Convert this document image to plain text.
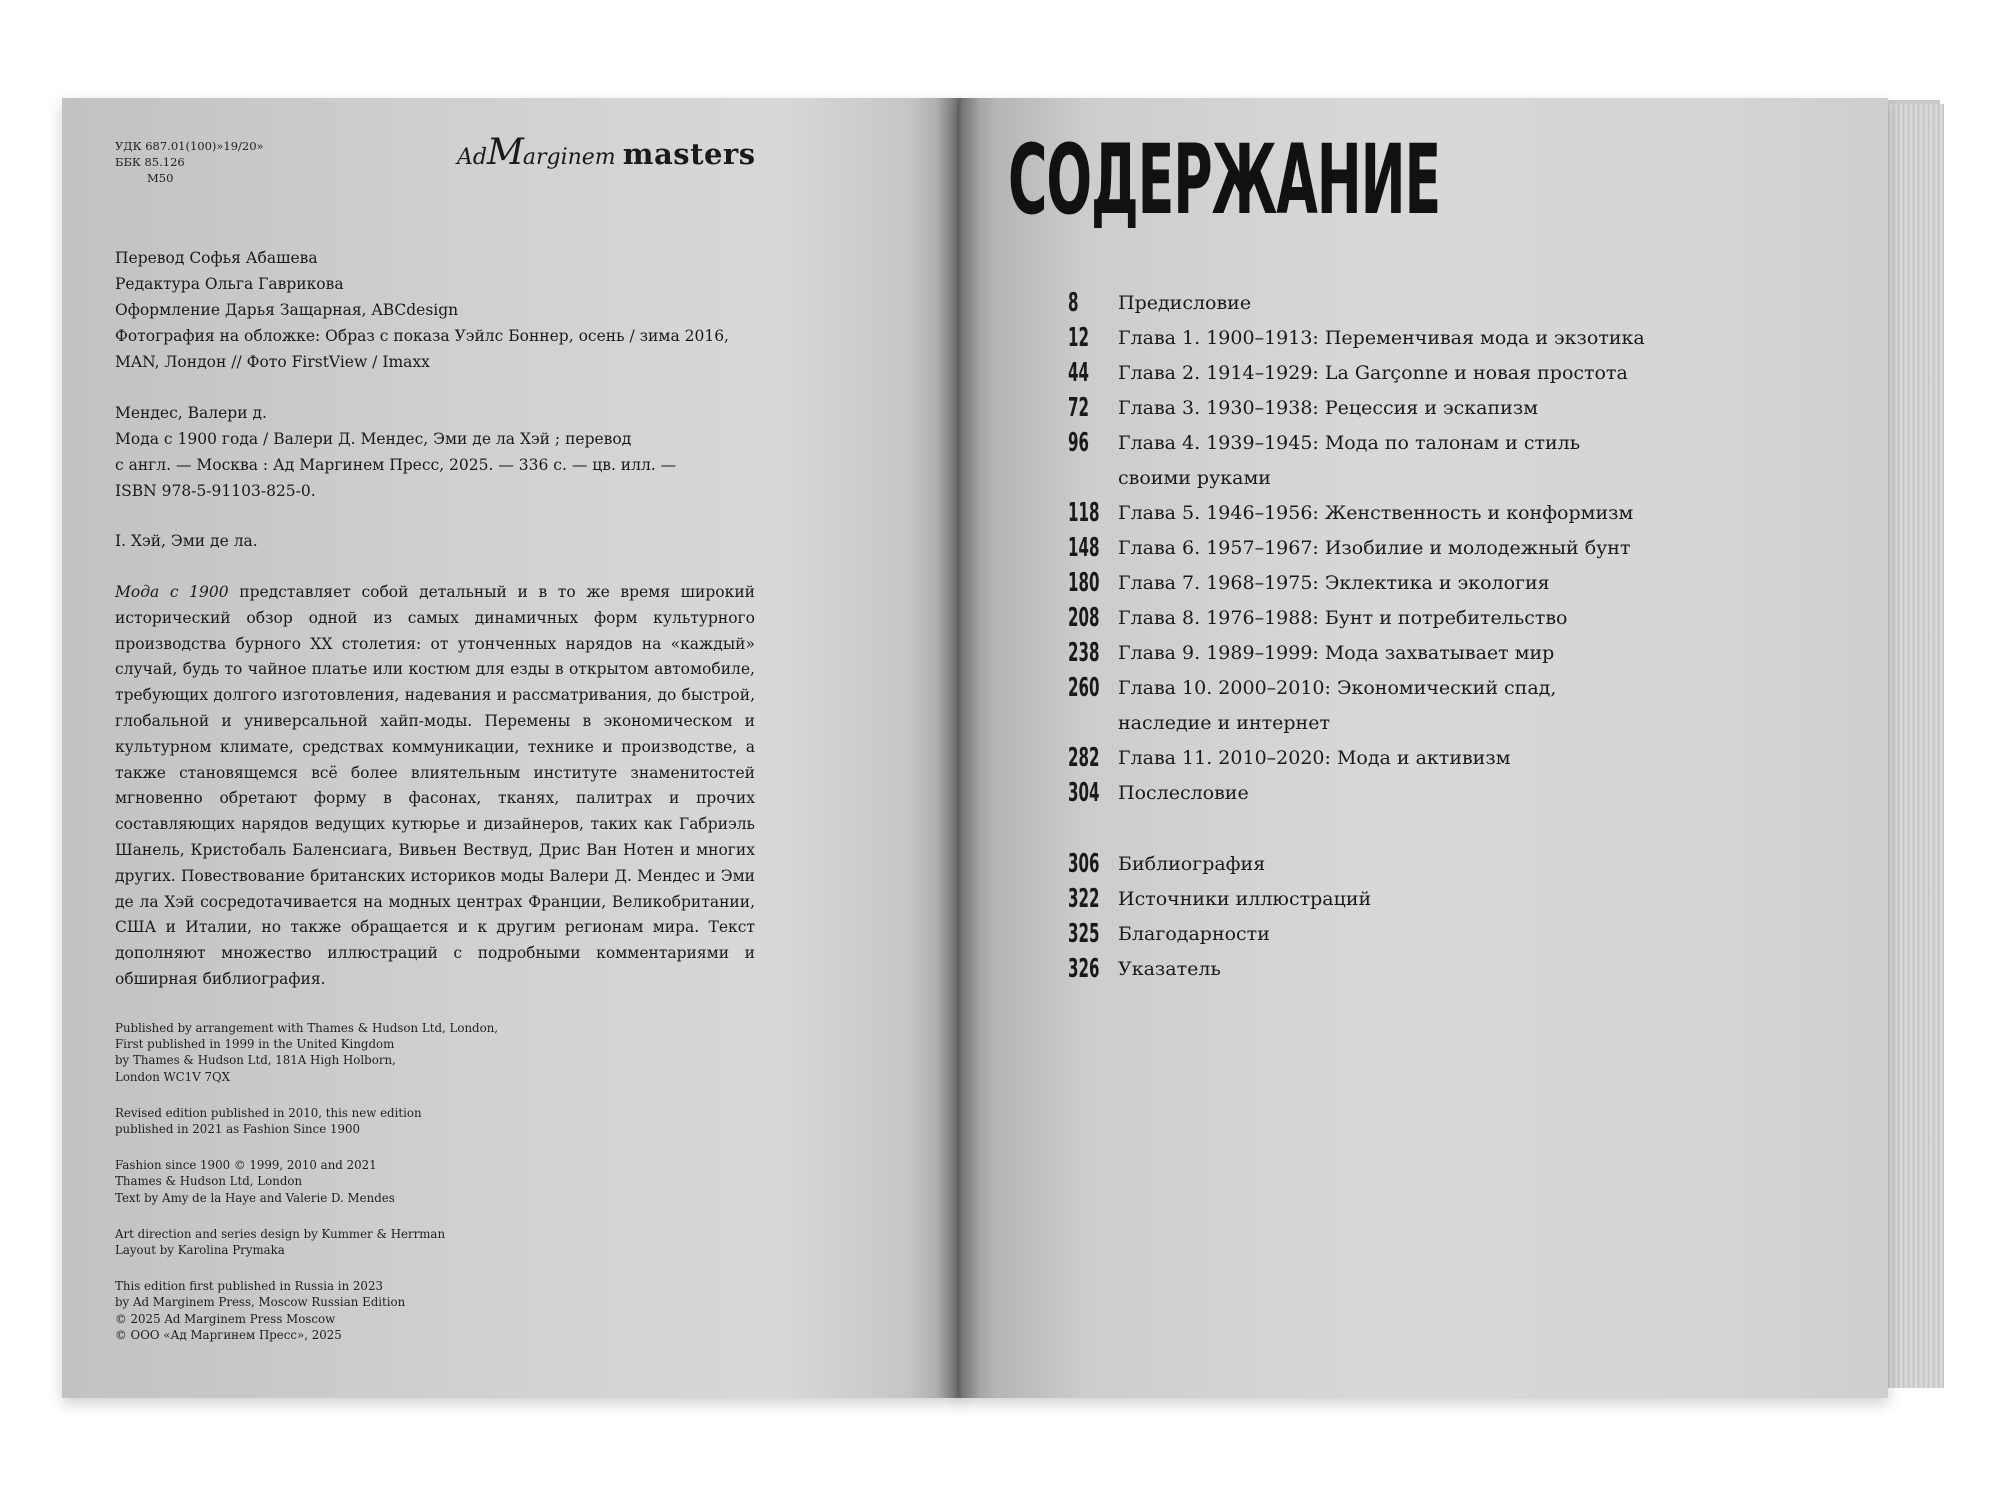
УДК 687.01(100)»19/20»
ББК 85.126
М50
AdMarginem masters
Перевод Софья Абашева
Редактура Ольга Гаврикова
Оформление Дарья Защарная, ABCdesign
Фотография на обложке: Образ с показа Уэйлс Боннер, осень / зима 2016, MAN, Лондон // Фото FirstView / Imaxx
Мендес, Валери д.
Мода с 1900 года / Валери Д. Мендес, Эми де ла Хэй ; перевод
с англ. — Москва : Ад Маргинем Пресс, 2025. — 336 с. — цв. илл. —
ISBN 978-5-91103-825-0.
I. Хэй, Эми де ла.
Мода с 1900 представляет собой детальный и в то же время широкий исторический обзор одной из самых динамичных форм культурного производства бурного XX столетия: от утонченных нарядов на «каждый» случай, будь то чайное платье или костюм для езды в открытом автомобиле, требующих долгого изготовления, надевания и рассматривания, до быстрой, глобальной и универсальной хайп-моды. Перемены в экономическом и культурном климате, средствах коммуникации, технике и производстве, а также становящемся всё более влиятельным институте знаменитостей мгновенно обретают форму в фасонах, тканях, палитрах и прочих составляющих нарядов ведущих кутюрье и дизайнеров, таких как Габриэль Шанель, Кристобаль Баленсиага, Вивьен Вествуд, Дрис Ван Нотен и многих других. Повествование британских историков моды Валери Д. Мендес и Эми де ла Хэй сосредотачивается на модных центрах Франции, Великобритании, США и Италии, но также обращается и к другим регионам мира. Текст дополняют множество иллюстраций с подробными комментариями и обширная библиография.
Published by arrangement with Thames & Hudson Ltd, London,
First published in 1999 in the United Kingdom
by Thames & Hudson Ltd, 181A High Holborn,
London WC1V 7QX
Revised edition published in 2010, this new edition
published in 2021 as Fashion Since 1900
Fashion since 1900 © 1999, 2010 and 2021
Thames & Hudson Ltd, London
Text by Amy de la Haye and Valerie D. Mendes
Art direction and series design by Kummer & Herrman
Layout by Karolina Prymaka
This edition first published in Russia in 2023
by Ad Marginem Press, Moscow Russian Edition
© 2025 Ad Marginem Press Moscow
© ООО «Ад Маргинем Пресс», 2025
СОДЕРЖАНИЕ
8	Предисловие
12 Глава 1. 1900–1913: Переменчивая мода и экзотика
44 Глава 2. 1914–1929: La Garçonne и новая простота
72 Глава 3. 1930–1938: Рецессия и эскапизм
96 Глава 4. 1939–1945: Мода по талонам и стиль своими руками
118 Глава 5. 1946–1956: Женственность и конформизм
148 Глава 6. 1957–1967: Изобилие и молодежный бунт
180 Глава 7. 1968–1975: Эклектика и экология
208 Глава 8. 1976–1988: Бунт и потребительство
238 Глава 9. 1989–1999: Мода захватывает мир
260 Глава 10. 2000–2010: Экономический спад, наследие и интернет
282 Глава 11. 2010–2020: Мода и активизм
304 Послесловие
306 Библиография
322 Источники иллюстраций
325 Благодарности
326 Указатель
